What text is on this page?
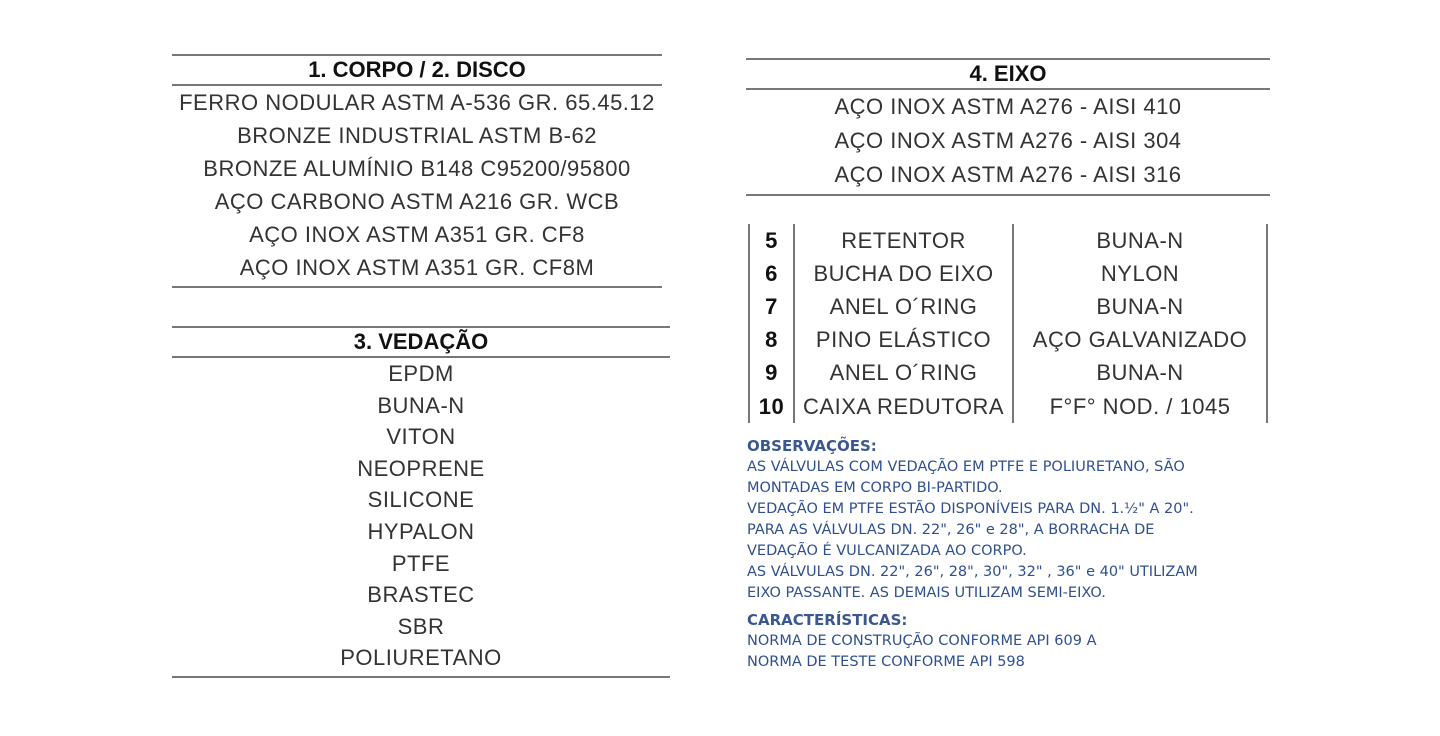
1. CORPO / 2. DISCO
FERRO NODULAR ASTM A-536 GR. 65.45.12
BRONZE INDUSTRIAL ASTM B-62
BRONZE ALUMÍNIO B148 C95200/95800
AÇO CARBONO ASTM A216 GR. WCB
AÇO INOX ASTM A351 GR. CF8
AÇO INOX ASTM A351 GR. CF8M
3. VEDAÇÃO
EPDM
BUNA-N
VITON
NEOPRENE
SILICONE
HYPALON
PTFE
BRASTEC
SBR
POLIURETANO
4. EIXO
AÇO INOX ASTM A276 - AISI 410
AÇO INOX ASTM A276 - AISI 304
AÇO INOX ASTM A276 - AISI 316
5	RETENTOR	BUNA-N
6	BUCHA DO EIXO	NYLON
7	ANEL O´RING	BUNA-N
8	PINO ELÁSTICO	AÇO GALVANIZADO
9	ANEL O´RING	BUNA-N
10	CAIXA REDUTORA	F°F° NOD. / 1045
OBSERVAÇÕES:
AS VÁLVULAS COM VEDAÇÃO EM PTFE E POLIURETANO, SÃO
MONTADAS EM CORPO BI-PARTIDO.
VEDAÇÃO EM PTFE ESTÃO DISPONÍVEIS PARA DN. 1.½" A 20".
PARA AS VÁLVULAS DN. 22", 26" e 28", A BORRACHA DE
VEDAÇÃO É VULCANIZADA AO CORPO.
AS VÁLVULAS DN. 22", 26", 28", 30", 32" , 36" e 40" UTILIZAM
EIXO PASSANTE. AS DEMAIS UTILIZAM SEMI-EIXO.
CARACTERÍSTICAS:
NORMA DE CONSTRUÇÃO CONFORME API 609 A
NORMA DE TESTE CONFORME API 598
